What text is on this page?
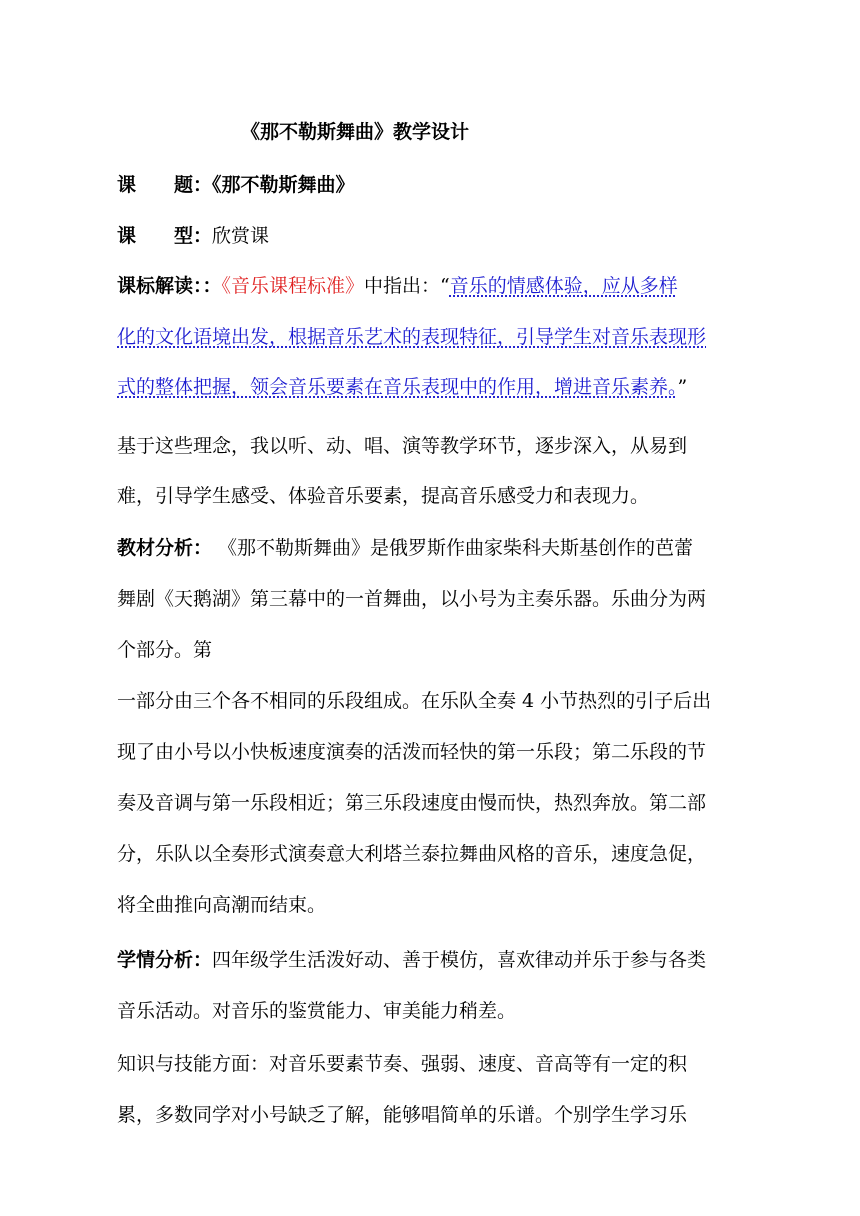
《那不勒斯舞曲》教学设计
课　　题：《那不勒斯舞曲》
课　　型：欣赏课
课标解读：：《音乐课程标准》中指出：“音乐的情感体验，应从多样
化的文化语境出发，根据音乐艺术的表现特征，引导学生对音乐表现形
式的整体把握，领会音乐要素在音乐表现中的作用，增进音乐素养。”
基于这些理念，我以听、动、唱、演等教学环节，逐步深入，从易到
难，引导学生感受、体验音乐要素，提高音乐感受力和表现力。
教材分析： 《那不勒斯舞曲》是俄罗斯作曲家柴科夫斯基创作的芭蕾
舞剧《天鹅湖》第三幕中的一首舞曲，以小号为主奏乐器。乐曲分为两
个部分。第
一部分由三个各不相同的乐段组成。在乐队全奏 4 小节热烈的引子后出
现了由小号以小快板速度演奏的活泼而轻快的第一乐段；第二乐段的节
奏及音调与第一乐段相近；第三乐段速度由慢而快，热烈奔放。第二部
分，乐队以全奏形式演奏意大利塔兰泰拉舞曲风格的音乐，速度急促，
将全曲推向高潮而结束。
学情分析：四年级学生活泼好动、善于模仿，喜欢律动并乐于参与各类
音乐活动。对音乐的鉴赏能力、审美能力稍差。
知识与技能方面：对音乐要素节奏、强弱、速度、音高等有一定的积
累，多数同学对小号缺乏了解，能够唱简单的乐谱。个别学生学习乐
